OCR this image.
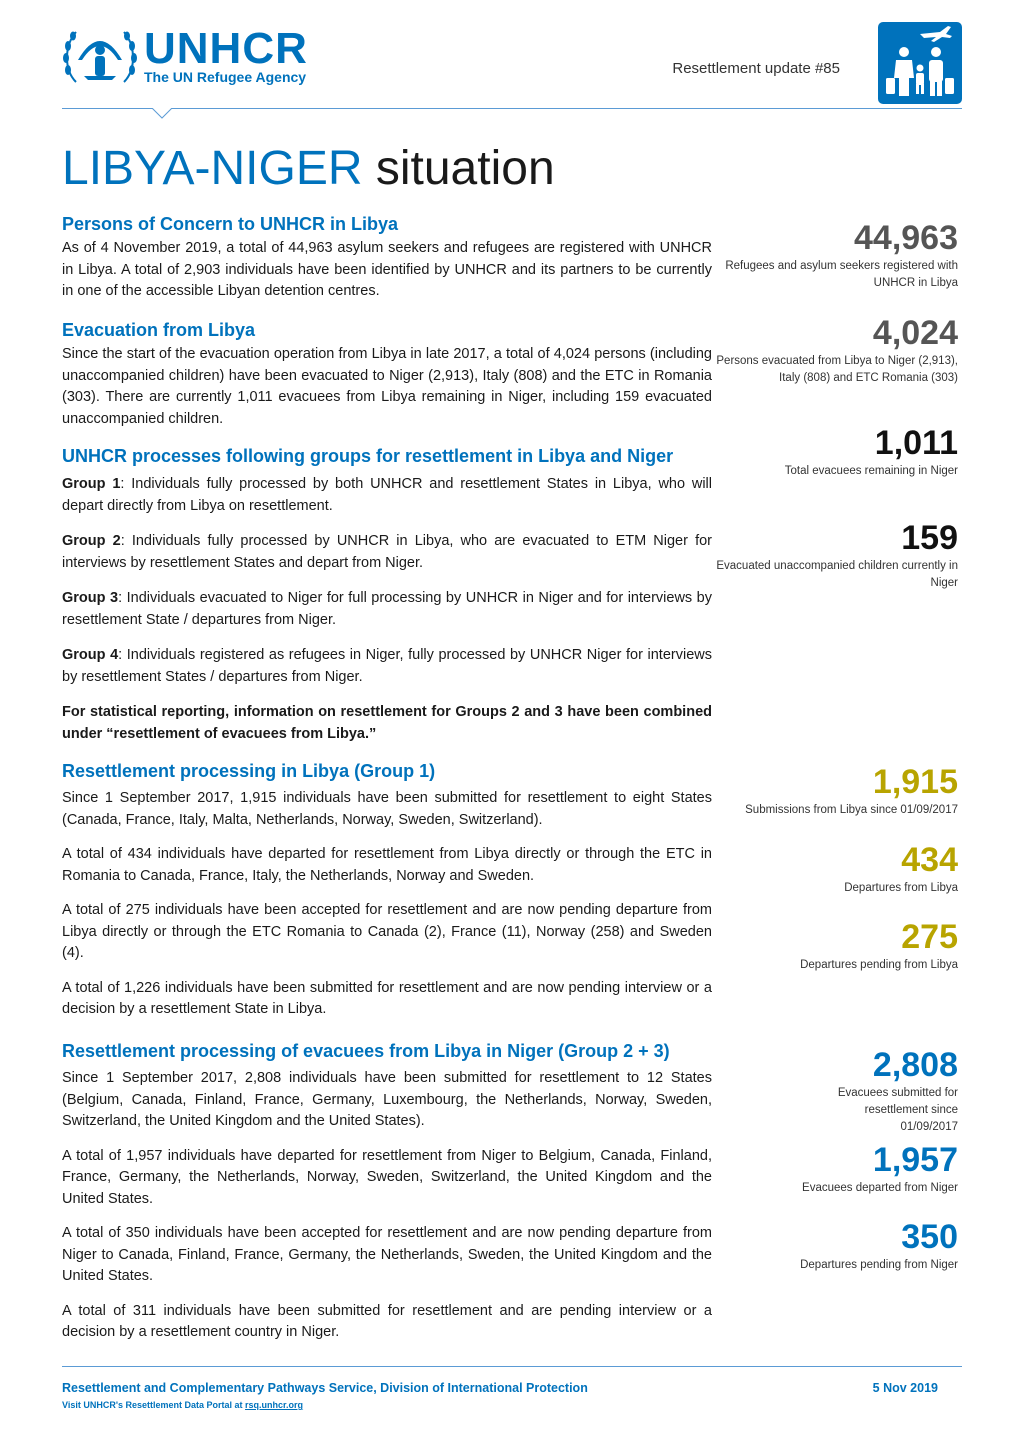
UNHCR
The UN Refugee Agency	Resettlement update #85
LIBYA-NIGER situation
Persons of Concern to UNHCR in Libya

As of 4 November 2019, a total of 44,963 asylum seekers and refugees are registered with UNHCR in Libya. A total of 2,903 individuals have been identified by UNHCR and its partners to be currently in one of the accessible Libyan detention centres.

Evacuation from Libya

Since the start of the evacuation operation from Libya in late 2017, a total of 4,024 persons (including unaccompanied children) have been evacuated to Niger (2,913), Italy (808) and the ETC in Romania (303). There are currently 1,011 evacuees from Libya remaining in Niger, including 159 evacuated unaccompanied children.

UNHCR processes following groups for resettlement in Libya and Niger

Group 1: Individuals fully processed by both UNHCR and resettlement States in Libya, who will depart directly from Libya on resettlement.

Group 2: Individuals fully processed by UNHCR in Libya, who are evacuated to ETM Niger for interviews by resettlement States and depart from Niger.

Group 3: Individuals evacuated to Niger for full processing by UNHCR in Niger and for interviews by resettlement State / departures from Niger.

Group 4: Individuals registered as refugees in Niger, fully processed by UNHCR Niger for interviews by resettlement States / departures from Niger.

For statistical reporting, information on resettlement for Groups 2 and 3 have been combined under “resettlement of evacuees from Libya.”

Resettlement processing in Libya (Group 1)

Since 1 September 2017, 1,915 individuals have been submitted for resettlement to eight States (Canada, France, Italy, Malta, Netherlands, Norway, Sweden, Switzerland).

A total of 434 individuals have departed for resettlement from Libya directly or through the ETC in Romania to Canada, France, Italy, the Netherlands, Norway and Sweden.

A total of 275 individuals have been accepted for resettlement and are now pending departure from Libya directly or through the ETC Romania to Canada (2), France (11), Norway (258) and Sweden (4).

A total of 1,226 individuals have been submitted for resettlement and are now pending interview or a decision by a resettlement State in Libya.

Resettlement processing of evacuees from Libya in Niger (Group 2 + 3)

Since 1 September 2017, 2,808 individuals have been submitted for resettlement to 12 States (Belgium, Canada, Finland, France, Germany, Luxembourg, the Netherlands, Norway, Sweden, Switzerland, the United Kingdom and the United States).

A total of 1,957 individuals have departed for resettlement from Niger to Belgium, Canada, Finland, France, Germany, the Netherlands, Norway, Sweden, Switzerland, the United Kingdom and the United States.

A total of 350 individuals have been accepted for resettlement and are now pending departure from Niger to Canada, Finland, France, Germany, the Netherlands, Sweden, the United Kingdom and the United States.

A total of 311 individuals have been submitted for resettlement and are pending interview or a decision by a resettlement country in Niger.

44,963
Refugees and asylum seekers registered with UNHCR in Libya
4,024
Persons evacuated from Libya to Niger (2,913), Italy (808) and ETC Romania (303)
1,011
Total evacuees remaining in Niger
159
Evacuated unaccompanied children currently in Niger
1,915
Submissions from Libya since 01/09/2017
434
Departures from Libya
275
Departures pending from Libya
2,808
Evacuees submitted for resettlement since 01/09/2017
1,957
Evacuees departed from Niger
350
Departures pending from Niger
Resettlement and Complementary Pathways Service, Division of International Protection
Visit UNHCR's Resettlement Data Portal at rsq.unhcr.org
5 Nov 2019
